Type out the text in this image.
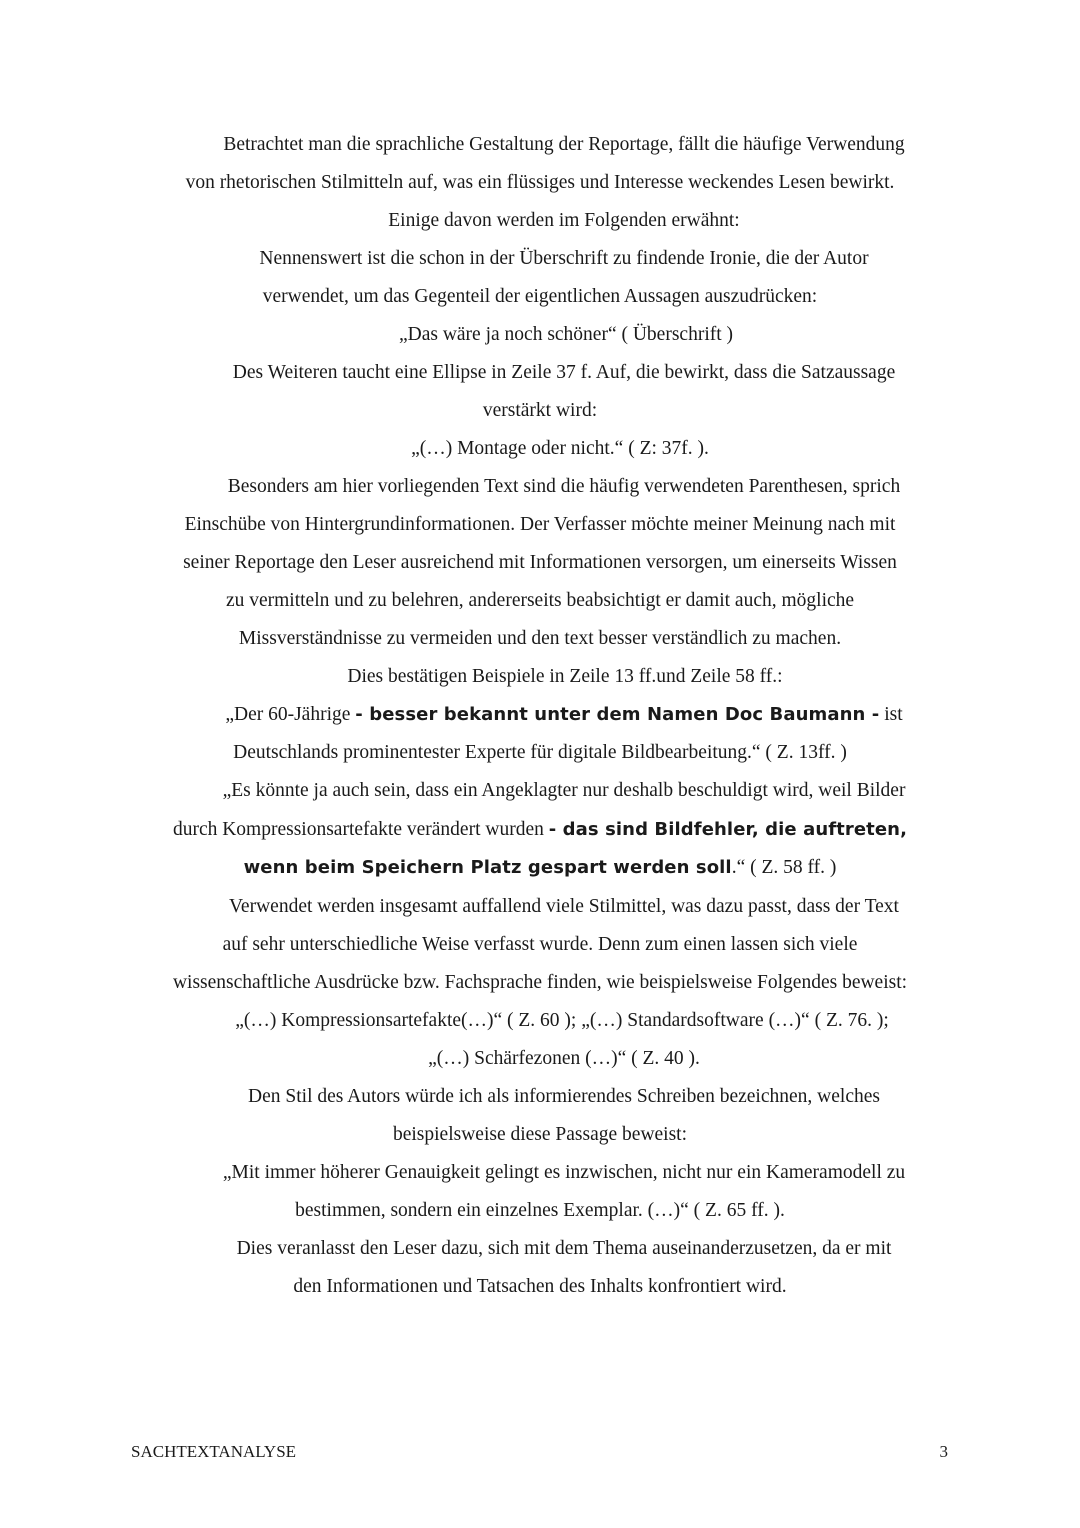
Betrachtet man die sprachliche Gestaltung der Reportage, fällt die häufige Verwendung
von rhetorischen Stilmitteln auf, was ein flüssiges und Interesse weckendes Lesen bewirkt.
Einige davon werden im Folgenden erwähnt:
Nennenswert ist die schon in der Überschrift zu findende Ironie, die der Autor
verwendet, um das Gegenteil der eigentlichen Aussagen auszudrücken:
„Das wäre ja noch schöner“ ( Überschrift )
Des Weiteren taucht eine Ellipse in Zeile 37 f. Auf, die bewirkt, dass die Satzaussage
verstärkt wird:
„(…) Montage oder nicht.“ ( Z: 37f. ).
Besonders am hier vorliegenden Text sind die häufig verwendeten Parenthesen, sprich
Einschübe von Hintergrundinformationen. Der Verfasser möchte meiner Meinung nach mit
seiner Reportage den Leser ausreichend mit Informationen versorgen, um einerseits Wissen
zu vermitteln und zu belehren, andererseits beabsichtigt er damit auch, mögliche
Missverständnisse zu vermeiden und den text besser verständlich zu machen.
Dies bestätigen Beispiele in Zeile 13 ff.und Zeile 58 ff.:
„Der 60-Jährige - besser bekannt unter dem Namen Doc Baumann - ist
Deutschlands prominentester Experte für digitale Bildbearbeitung.“ ( Z. 13ff. )
„Es könnte ja auch sein, dass ein Angeklagter nur deshalb beschuldigt wird, weil Bilder
durch Kompressionsartefakte verändert wurden - das sind Bildfehler, die auftreten,
wenn beim Speichern Platz gespart werden soll.“ ( Z. 58 ff. )
Verwendet werden insgesamt auffallend viele Stilmittel, was dazu passt, dass der Text
auf sehr unterschiedliche Weise verfasst wurde. Denn zum einen lassen sich viele
wissenschaftliche Ausdrücke bzw. Fachsprache finden, wie beispielsweise Folgendes beweist:
„(…) Kompressionsartefakte(…)“ ( Z. 60 ); „(…) Standardsoftware (…)“ ( Z. 76. );
„(…) Schärfezonen (…)“ ( Z. 40 ).
Den Stil des Autors würde ich als informierendes Schreiben bezeichnen, welches
beispielsweise diese Passage beweist:
„Mit immer höherer Genauigkeit gelingt es inzwischen, nicht nur ein Kameramodell zu
bestimmen, sondern ein einzelnes Exemplar. (…)“ ( Z. 65 ff. ).
Dies veranlasst den Leser dazu, sich mit dem Thema auseinanderzusetzen, da er mit
den Informationen und Tatsachen des Inhalts konfrontiert wird.
SACHTEXTANALYSE	3
